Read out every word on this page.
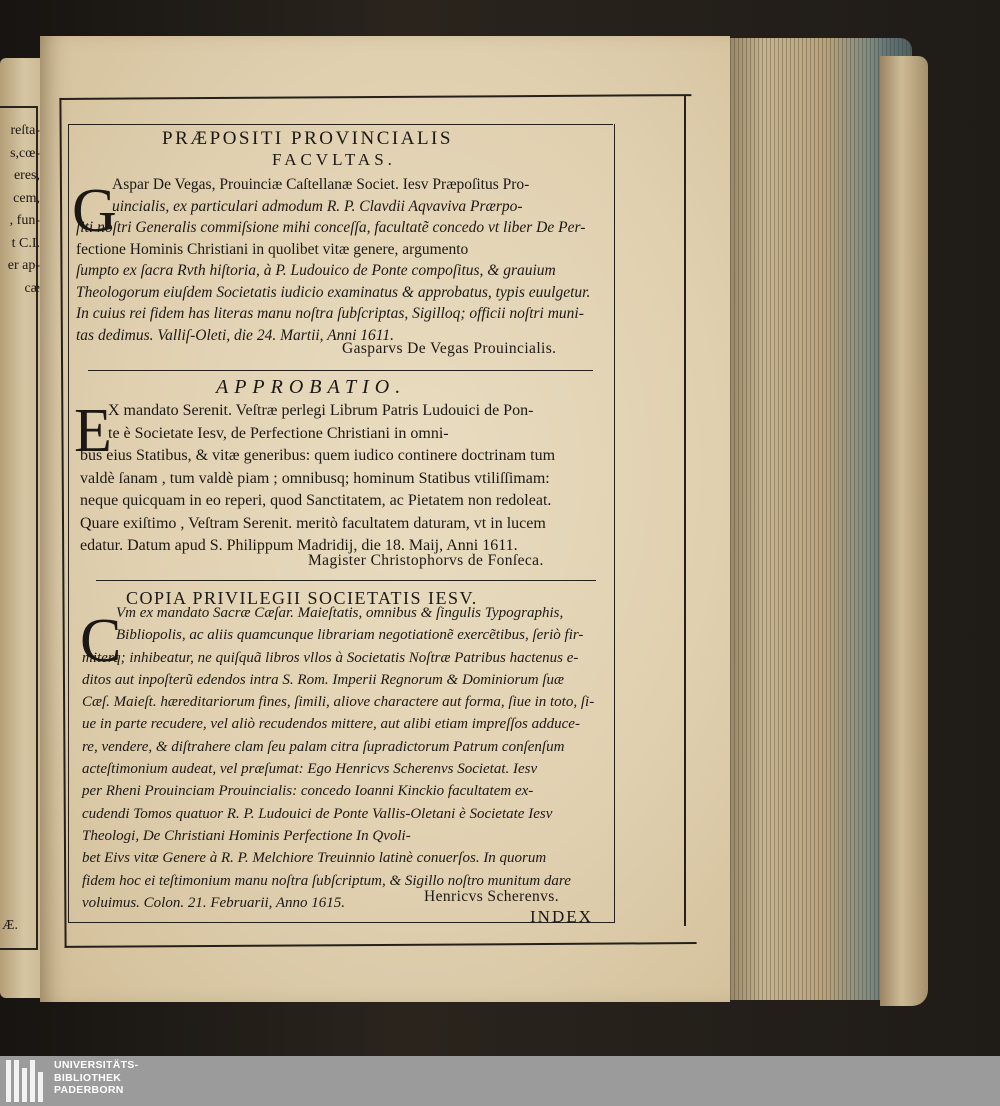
reſta-
s,cœ-
eres,
cem,
, fun-
t C.I.
er ap-
cæ
Æ.
PRÆPOSITI PROVINCIALIS
FACVLTAS.
G
Aspar De Vegas, Prouinciæ Caſtellanæ Societ. Iesv Præpoſitus Pro-
uincialis, ex particulari admodum R. P. Clavdii Aqvaviva Prærpo-
ſiti noſtri Generalis commiſsione mihi conceſſa, facultatẽ concedo vt liber De Per-
fectione Hominis Christiani in quolibet vitæ genere, argumento
ſumpto ex ſacra Rvth hiſtoria, à P. Ludouico de Ponte compoſitus, & grauium
Theologorum eiuſdem Societatis iudicio examinatus & approbatus, typis euulgetur.
In cuius rei fidem has literas manu noſtra ſubſcriptas, Sigilloq; officii noſtri muni-
tas dedimus. Valliſ-Oleti, die 24. Martii, Anni 1611.
Gasparvs De Vegas Prouincialis.
APPROBATIO.
E
X mandato Serenit. Veſtræ perlegi Librum Patris Ludouici de Pon-
te è Societate Iesv, de Perfectione Christiani in omni-
bus eius Statibus, & vitæ generibus: quem iudico continere doctrinam tum
valdè ſanam , tum valdè piam ; omnibusq; hominum Statibus vtiliſſimam:
neque quicquam in eo reperi, quod Sanctitatem, ac Pietatem non redoleat.
Quare exiſtimo , Veſtram Serenit. meritò facultatem daturam, vt in lucem
edatur. Datum apud S. Philippum Madridij, die 18. Maij, Anni 1611.
Magister Christophorvs de Fonſeca.
COPIA PRIVILEGII SOCIETATIS IESV.
C
Vm ex mandato Sacræ Cæſar. Maieſtatis, omnibus & ſingulis Typographis,
Bibliopolis, ac aliis quamcunque librariam negotiationẽ exercẽtibus, ſeriò fir-
miterq; inhibeatur, ne quiſquã libros vllos à Societatis Noſtræ Patribus hactenus e-
ditos aut inpoſterũ edendos intra S. Rom. Imperii Regnorum & Dominiorum ſuæ
Cæſ. Maieſt. hæreditariorum fines, ſimili, aliove charactere aut forma, ſiue in toto, ſi-
ue in parte recudere, vel aliò recudendos mittere, aut alibi etiam impreſſos adduce-
re, vendere, & diſtrahere clam ſeu palam citra ſupradictorum Patrum conſenſum
acteſtimonium audeat, vel præſumat: Ego Henricvs Scherenvs Societat. Iesv
per Rheni Prouinciam Prouincialis: concedo Ioanni Kinckio facultatem ex-
cudendi Tomos quatuor R. P. Ludouici de Ponte Vallis-Oletani è Societate Iesv
Theologi, De Christiani Hominis Perfectione In Qvoli-
bet Eivs vitæ Genere à R. P. Melchiore Treuinnio latinè conuerſos. In quorum
fidem hoc ei teſtimonium manu noſtra ſubſcriptum, & Sigillo noſtro munitum dare
voluimus. Colon. 21. Februarii, Anno 1615.	Henricvs Scherenvs.
INDEX
UNIVERSITÄTS-
BIBLIOTHEK
PADERBORN
